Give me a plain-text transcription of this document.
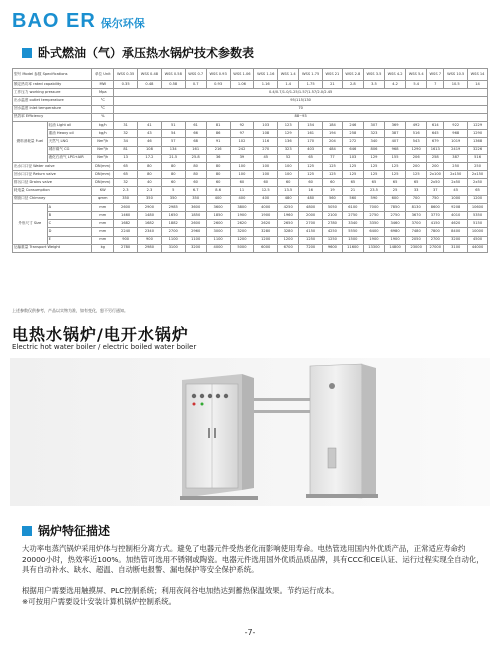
BAO ER 保尔环保
卧式燃油（气）承压热水锅炉技术参数表
型号 Model 参数 Specifications		单位 Unit	WSS 0.35	WSS 0.48	WSS 0.58	WSS 0.7	WSS 0.93	WSS 1.06	WSS 1.16	WSS 1.4	WSS 1.75	WSS 21	WSS 2.8	WSS 3.5	WSS 4.2	WSS 5.4	WSS 7	WSS 10.5	WSS 14
额定热功率 rated capability		MW	0.35	0.48	0.58	0.7	0.93	1.06	1.16	1.4	1.75	21	2.8	3.5	4.2	5.4	7	10.5	14
工作压力 working pressure		Mpa	0.4/0.7/1.0/1.25/1.57/1.57/2.0/2.45																
出水温度 outlet temperature		°C	95/115/130																
回水温度 inlet temperature		°C	70																
热效率 Efficiency		%	88~93																
燃料消耗量 Fuel	轻油 Light oil	kg/h	31	41	51	61	81	92	103	123	154	184	246	307	369	492	614	922	1229
	重油 Heavy oil	kg/h	32	43	54	66	86	97	108	129	161	194	258	323	387	516	645	968	1290
	天然气 LNG	Nm³/h	34	46	57	68	91	102	116	136	170	204	272	340	407	543	679	1019	1368
	城市煤气 CG	Nm³/h	81	108	134	161	216	242	270	323	403	484	646	806	968	1290	1613	2419	3226
	液化石油气 LPG+AIR	Nm³/h	13	17.2	21.5	25.8	36	39	45	52	65	77	103	129	155	206	258	387	516
出水口口径 Water valve		DN(mm)	65	80	80	80	80	100	100	100	125	125	125	125	125	200	200	250	250
回水口口径 Return valve		DN(mm)	65	80	80	80	80	100	100	100	125	125	125	125	125	125	2x100	2x150	2x150
排污口径 Drains valve		DN(mm)	32	40	60	60	60	60	60	60	60	60	65	65	65	65	2x50	2x50	2x50
耗电量 Consumption		KW	2.3	2.3	5	6.7	8.6	11	12.5	13.5	16	19	21	23.5	25	33	37	45	65
烟囱口径 Chimney		φmm	350	350	350	350	400	400	400	480	480	560	560	590	600	700	750	1000	1200
外形尺寸 Size	A	mm	2600	2900	2985	3600	3600	3800	4000	4250	4800	5050	6100	7000	7850	8130	8600	9208	10600
	B	mm	1460	1480	1650	1850	1850	1900	1900	1960	2000	2100	2750	2750	2750	3670	3770	4010	5350
	C	mm	1682	1682	1882	2600	2600	2620	2620	2650	2700	2780	3340	3350	3460	3700	4150	4620	5150
	D	mm	2240	2340	2700	2960	3000	3200	3280	3280	4150	4250	5550	6400	6980	7480	7800	8400	10000
	E	mm	900	900	1100	1100	1100	1200	1200	1200	1250	1250	1500	1900	1900	2050	2700	3200	4500
运输重量 Transport Weight		kg	2780	2980	3100	3200	4000	5000	6000	6700	7200	9600	11600	13300	14800	23000	27000	3100	44000
上述参数仅供参考，产品以实物为准，如有变化，恕不另行通知。
电热水锅炉/电开水锅炉
Electric hot water boiler / electric boiled water boiler
锅炉特征描述
大功率电蒸汽锅炉采用炉体与控制柜分离方式。避免了电器元件受热老化而影响使用寿命。电热管选用国内外优质产品，正常适应寿命约20000小时，热效率近100%。加热管可选用不锈钢或陶瓷。电器元件选用国外优质品质品牌，具有CCC和CE认证、运行过程实现全自动化，具有自动补水、缺水、超温、自动断电报警、漏电保护等安全保护系统。
根据用户需要选用触摸屏、PLC控制系统；利用夜间谷电加热达到蓄热保温效果。节约运行成本。
※可按用户需要设计安装计算机锅炉控制系统。
-7-
